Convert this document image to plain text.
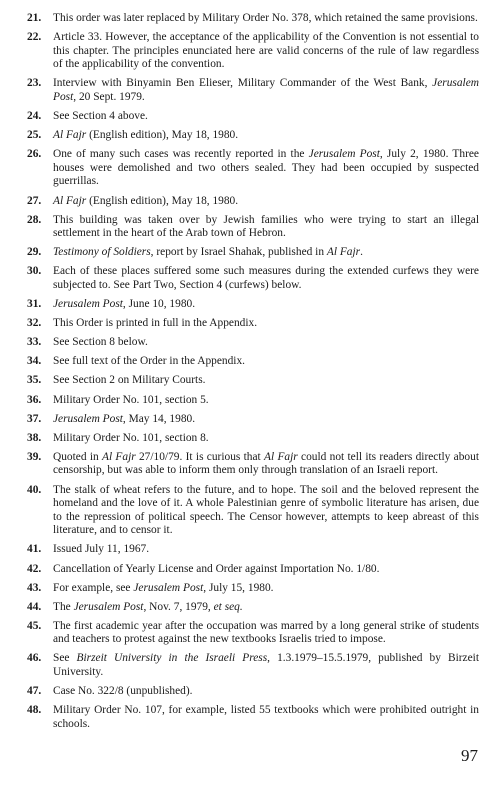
21.	This order was later replaced by Military Order No. 378, which retained the same provisions.
22.	Article 33. However, the acceptance of the applicability of the Convention is not essential to this chapter. The principles enunciated here are valid concerns of the rule of law regardless of the applicability of the convention.
23.	Interview with Binyamin Ben Elieser, Military Commander of the West Bank, Jerusalem Post, 20 Sept. 1979.
24.	See Section 4 above.
25.	Al Fajr (English edition), May 18, 1980.
26.	One of many such cases was recently reported in the Jerusalem Post, July 2, 1980. Three houses were demolished and two others sealed. They had been occupied by suspected guerrillas.
27.	Al Fajr (English edition), May 18, 1980.
28.	This building was taken over by Jewish families who were trying to start an illegal settlement in the heart of the Arab town of Hebron.
29.	Testimony of Soldiers, report by Israel Shahak, published in Al Fajr.
30.	Each of these places suffered some such measures during the extended curfews they were subjected to. See Part Two, Section 4 (curfews) below.
31.	Jerusalem Post, June 10, 1980.
32.	This Order is printed in full in the Appendix.
33.	See Section 8 below.
34.	See full text of the Order in the Appendix.
35.	See Section 2 on Military Courts.
36.	Military Order No. 101, section 5.
37.	Jerusalem Post, May 14, 1980.
38.	Military Order No. 101, section 8.
39.	Quoted in Al Fajr 27/10/79. It is curious that Al Fajr could not tell its readers directly about censorship, but was able to inform them only through translation of an Israeli report.
40.	The stalk of wheat refers to the future, and to hope. The soil and the beloved represent the homeland and the love of it. A whole Palestinian genre of symbolic literature has arisen, due to the repression of political speech. The Censor however, attempts to keep abreast of this literature, and to censor it.
41.	Issued July 11, 1967.
42.	Cancellation of Yearly License and Order against Importation No. 1/80.
43.	For example, see Jerusalem Post, July 15, 1980.
44.	The Jerusalem Post, Nov. 7, 1979, et seq.
45.	The first academic year after the occupation was marred by a long general strike of students and teachers to protest against the new textbooks Israelis tried to impose.
46.	See Birzeit University in the Israeli Press, 1.3.1979–15.5.1979, published by Birzeit University.
47.	Case No. 322/8 (unpublished).
48.	Military Order No. 107, for example, listed 55 textbooks which were prohibited outright in schools.
97
